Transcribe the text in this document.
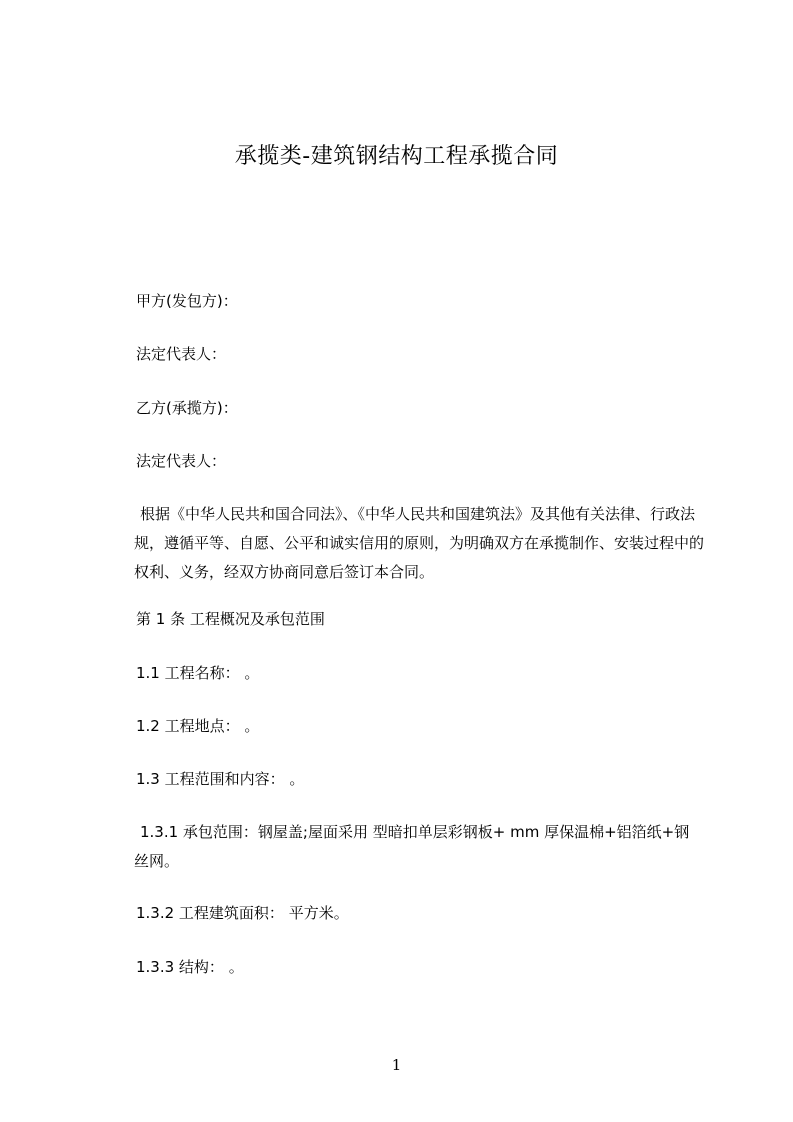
承揽类-建筑钢结构工程承揽合同
甲方(发包方)：
法定代表人：
乙方(承揽方)：
法定代表人：
根据《中华人民共和国合同法》、《中华人民共和国建筑法》及其他有关法律、行政法规，遵循平等、自愿、公平和诚实信用的原则，为明确双方在承揽制作、安装过程中的权利、义务，经双方协商同意后签订本合同。
第 1 条 工程概况及承包范围
1.1 工程名称： 。
1.2 工程地点： 。
1.3 工程范围和内容： 。
1.3.1 承包范围：钢屋盖;屋面采用 型暗扣单层彩钢板+ mm 厚保温棉+铝箔纸+钢丝网。
1.3.2 工程建筑面积： 平方米。
1.3.3 结构： 。
1
